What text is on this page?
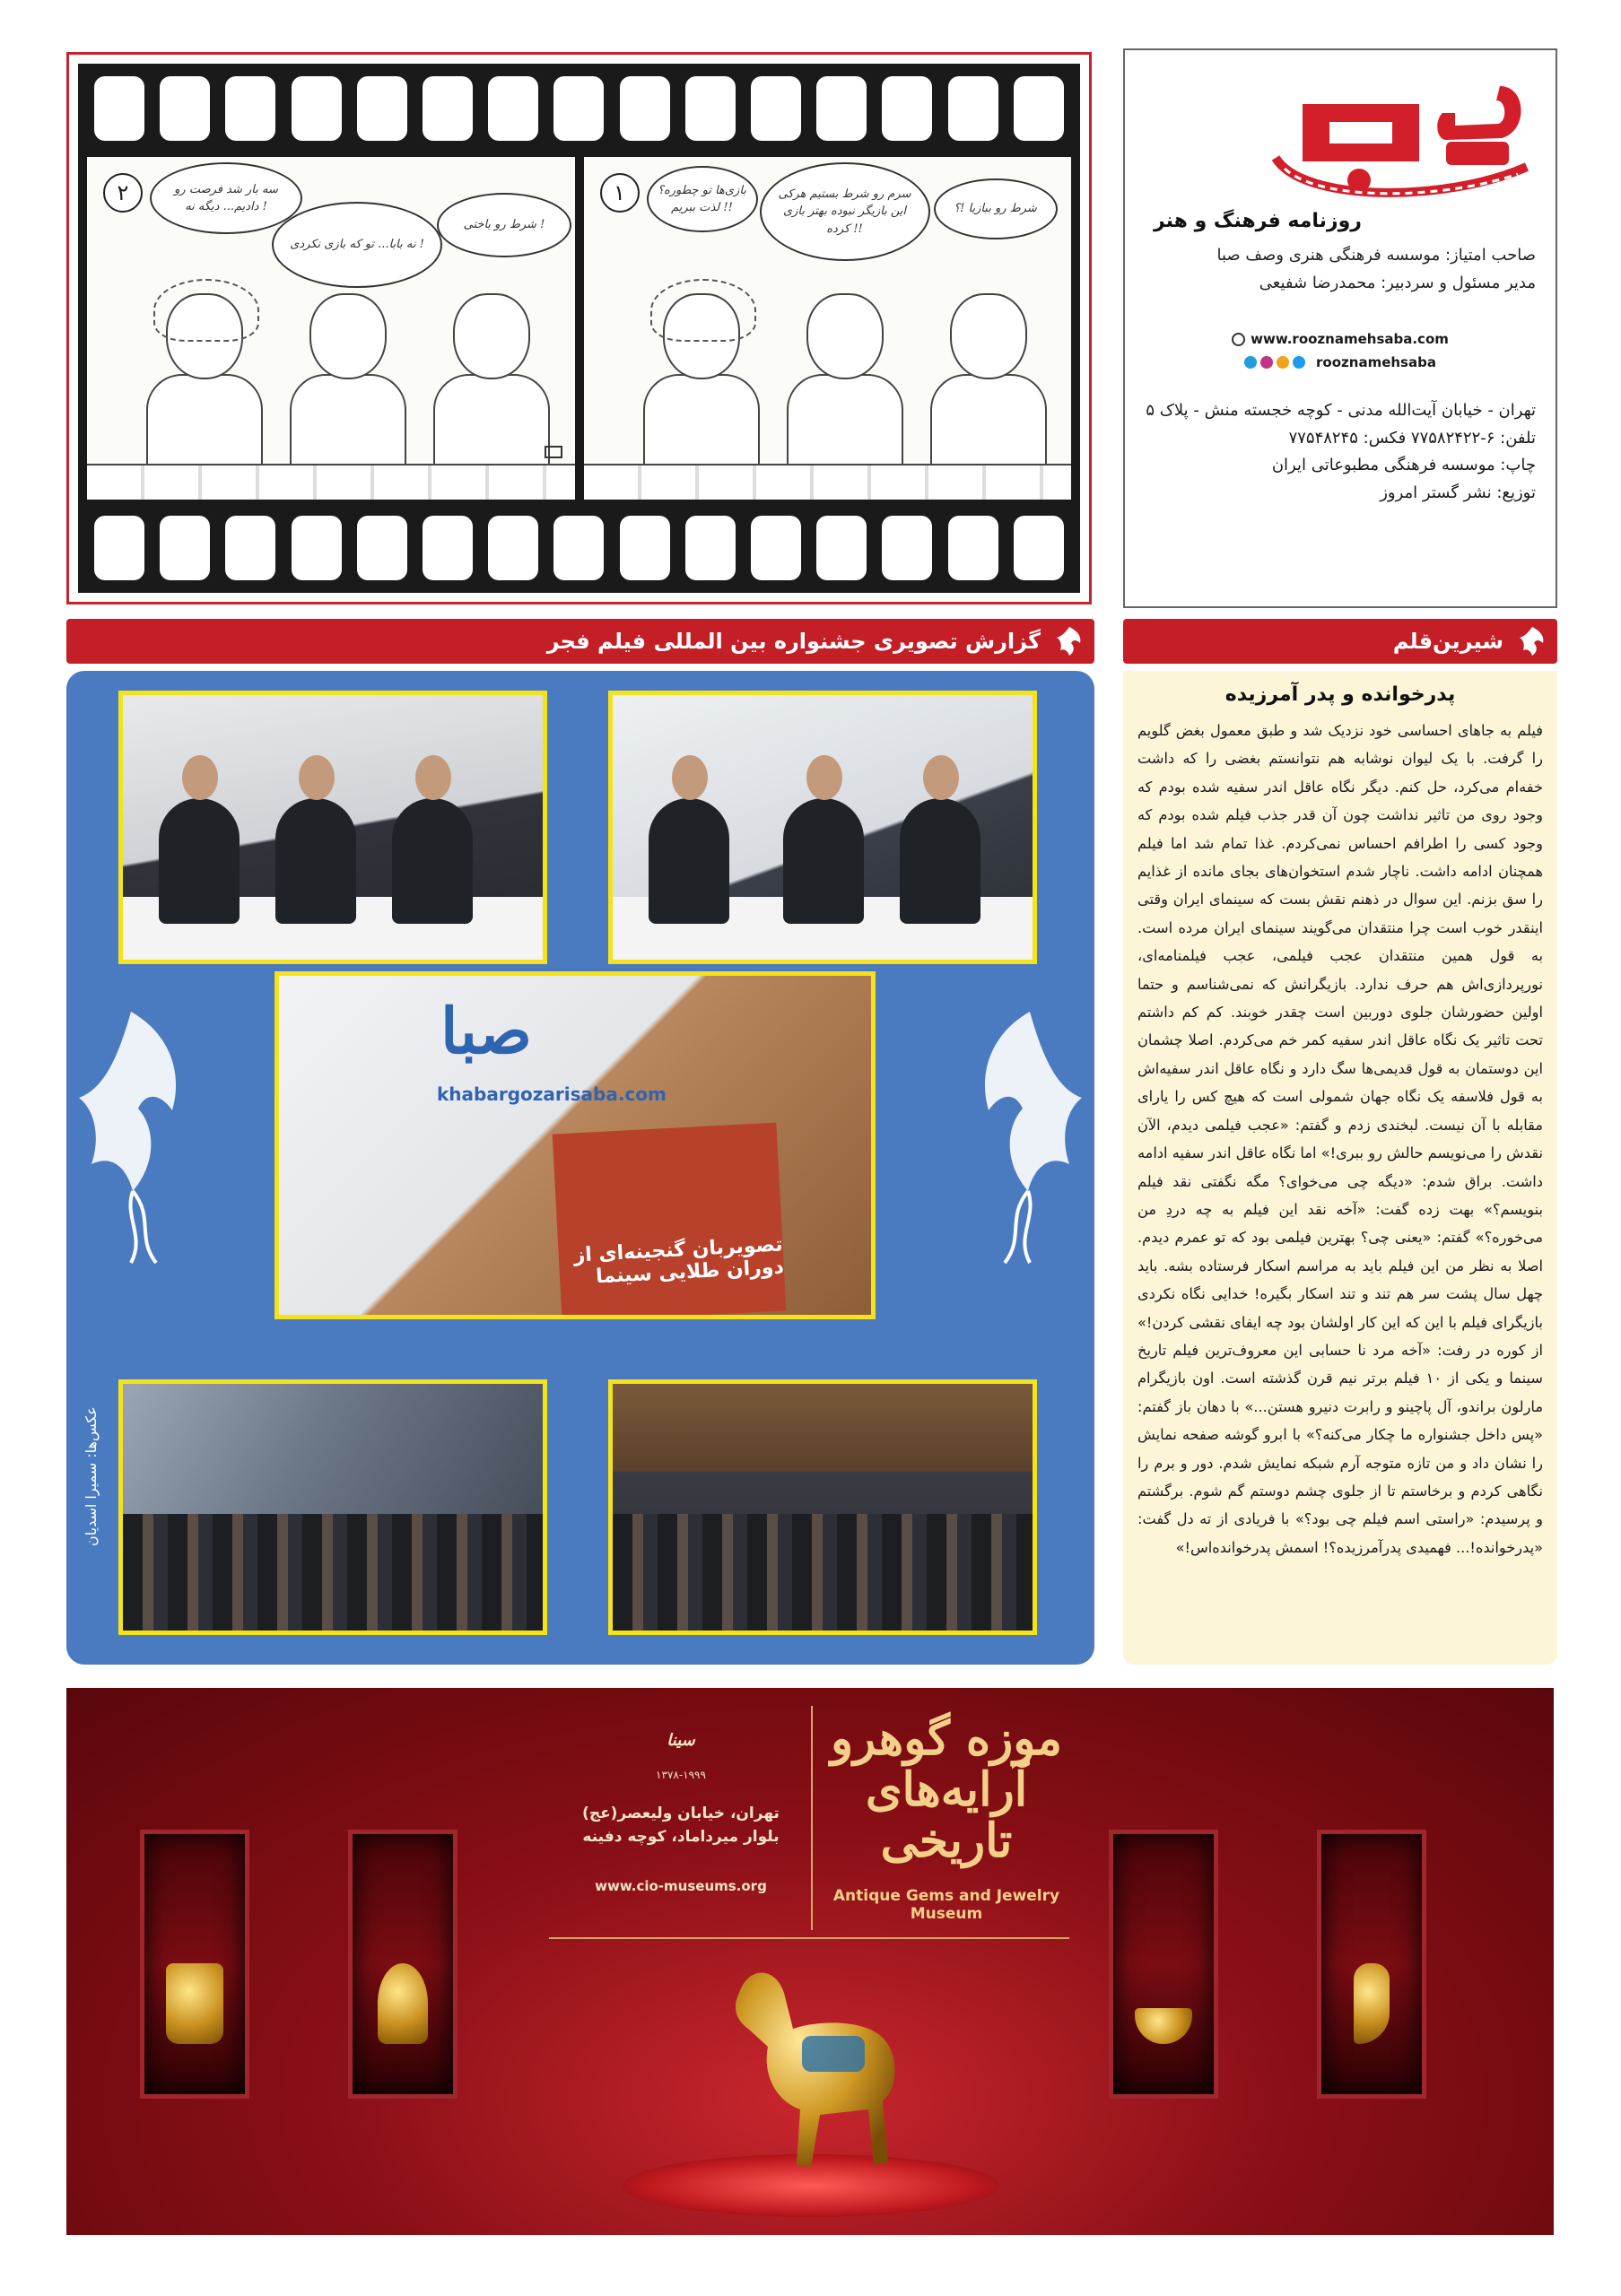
۲	سه بار شد فرصت رو دادیم... دیگه نه !
نه بابا... تو که بازی نکردی !
شرط رو باختی !
۱	بازی‌ها تو چطوره؟ لذت ببریم !!
سرم رو شرط بستیم هرکی این بازیگر نبوده بهتر بازی کرده !!
شرط رو ببازیا !؟
روزنامه فرهنگ و هنر
صاحب امتیاز: موسسه فرهنگی هنری وصف صبا
مدیر مسئول و سردبیر: محمدرضا شفیعی
www.rooznamehsaba.com
rooznamehsaba
تهران - خیابان آیت‌الله مدنی - کوچه خجسته منش - پلاک ۵
تلفن: ۶-۷۷۵۸۲۴۲۲ فکس: ۷۷۵۴۸۲۴۵
چاپ: موسسه فرهنگی مطبوعاتی ایران
توزیع: نشر گستر امروز
گزارش تصویری جشنواره بین المللی فیلم فجر	شیرین‌قلم
صبا
khabargozarisaba.com
تصویربان گنجینه‌ای از دوران طلایی سینما
عکس‌ها: سمیرا اسدیان
پدرخوانده و پدر آمرزیده
فیلم به جاهای احساسی خود نزدیک شد و طبق معمول بغض گلویم را گرفت. با یک لیوان نوشابه هم نتوانستم بغضی را که داشت خفه‌ام می‌کرد، حل کنم. دیگر نگاه عاقل اندر سفیه شده بودم که وجود روی من تاثیر نداشت چون آن قدر جذب فیلم شده بودم که وجود کسی را اطرافم احساس نمی‌کردم. غذا تمام شد اما فیلم همچنان ادامه داشت. ناچار شدم استخوان‌های بجای مانده از غذایم را سق بزنم. این سوال در ذهنم نقش بست که سینمای ایران وقتی اینقدر خوب است چرا منتقدان می‌گویند سینمای ایران مرده است. به قول همین منتقدان عجب فیلمی، عجب فیلمنامه‌ای، نورپردازی‌اش هم حرف ندارد. بازیگرانش که نمی‌شناسم و حتما اولین حضورشان جلوی دوربین است چقدر خوبند. کم کم داشتم تحت تاثیر یک نگاه عاقل اندر سفیه کمر خم می‌کردم. اصلا چشمان این دوستمان به قول قدیمی‌ها سگ دارد و نگاه عاقل اندر سفیه‌اش به قول فلاسفه یک نگاه جهان شمولی است که هیچ کس را یارای مقابله با آن نیست. لبخندی زدم و گفتم: «عجب فیلمی دیدم، الآن نقدش را می‌نویسم حالش رو ببری!» اما نگاه عاقل اندر سفیه ادامه داشت. براق شدم: «دیگه چی می‌خوای؟ مگه نگفتی نقد فیلم بنویسم؟» بهت زده گفت: «آخه نقد این فیلم به چه دردِ من می‌خوره؟» گفتم: «یعنی چی؟ بهترین فیلمی بود که تو عمرم دیدم. اصلا به نظر من این فیلم باید به مراسم اسکار فرستاده بشه. باید چهل سال پشت سر هم تند و تند اسکار بگیره! خدایی نگاه نکردی بازیگرای فیلم با این که این کار اولشان بود چه ایفای نقشی کردن!» از کوره در رفت: «آخه مرد نا حسابی این معروف‌ترین فیلم تاریخ سینما و یکی از ۱۰ فیلم برتر نیم قرن گذشته است. اون بازیگرام مارلون براندو، آل پاچینو و رابرت دنیرو هستن...» با دهان باز گفتم: «پس داخل جشنواره ما چکار می‌کنه؟» با ابرو گوشه صفحه نمایش را نشان داد و من تازه متوجه آرم شبکه نمایش شدم. دور و برم را نگاهی کردم و برخاستم تا از جلوی چشم دوستم گم شوم. برگشتم و پرسیدم: «راستی اسم فیلم چی بود؟» با فریادی از ته دل گفت: «پدرخوانده!... فهمیدی پدرآمرزیده؟! اسمش پدرخوانده‌اس!»
موزه گوهرو آرایه‌های تاریخی
Antique Gems and Jewelry Museum
سینا
۱۳۷۸-۱۹۹۹
تهران، خیابان ولیعصر(عج) بلوار میرداماد، کوچه دفینه
www.cio-museums.org
